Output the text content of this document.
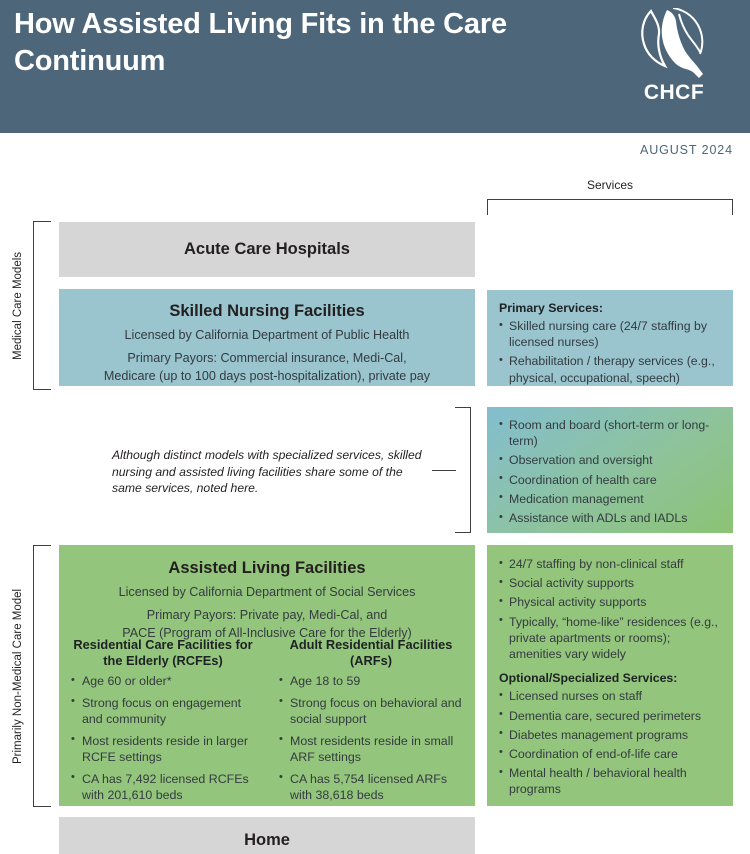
How Assisted Living Fits in the Care Continuum
CHCF
AUGUST 2024
Services
Medical Care Models
Primarily Non-Medical Care Model
Acute Care Hospitals
Skilled Nursing Facilities
Licensed by California Department of Public Health
Primary Payors: Commercial insurance, Medi-Cal,
Medicare (up to 100 days post-hospitalization), private pay
Primary Services:
• Skilled nursing care (24/7 staffing by licensed nurses)
• Rehabilitation / therapy services (e.g., physical, occupational, speech)
Although distinct models with specialized services, skilled nursing and assisted living facilities share some of the same services, noted here.
• Room and board (short-term or long-term)
• Observation and oversight
• Coordination of health care
• Medication management
• Assistance with ADLs and IADLs
Assisted Living Facilities
Licensed by California Department of Social Services
Primary Payors: Private pay, Medi-Cal, and
PACE (Program of All-Inclusive Care for the Elderly)
Residential Care Facilities for the Elderly (RCFEs)
• Age 60 or older*
• Strong focus on engagement and community
• Most residents reside in larger RCFE settings
• CA has 7,492 licensed RCFEs with 201,610 beds
Adult Residential Facilities (ARFs)
• Age 18 to 59
• Strong focus on behavioral and social support
• Most residents reside in small ARF settings
• CA has 5,754 licensed ARFs with 38,618 beds
• 24/7 staffing by non-clinical staff
• Social activity supports
• Physical activity supports
• Typically, “home-like” residences (e.g., private apartments or rooms); amenities vary widely
Optional/Specialized Services:
• Licensed nurses on staff
• Dementia care, secured perimeters
• Diabetes management programs
• Coordination of end-of-life care
• Mental health / behavioral health programs
Home
